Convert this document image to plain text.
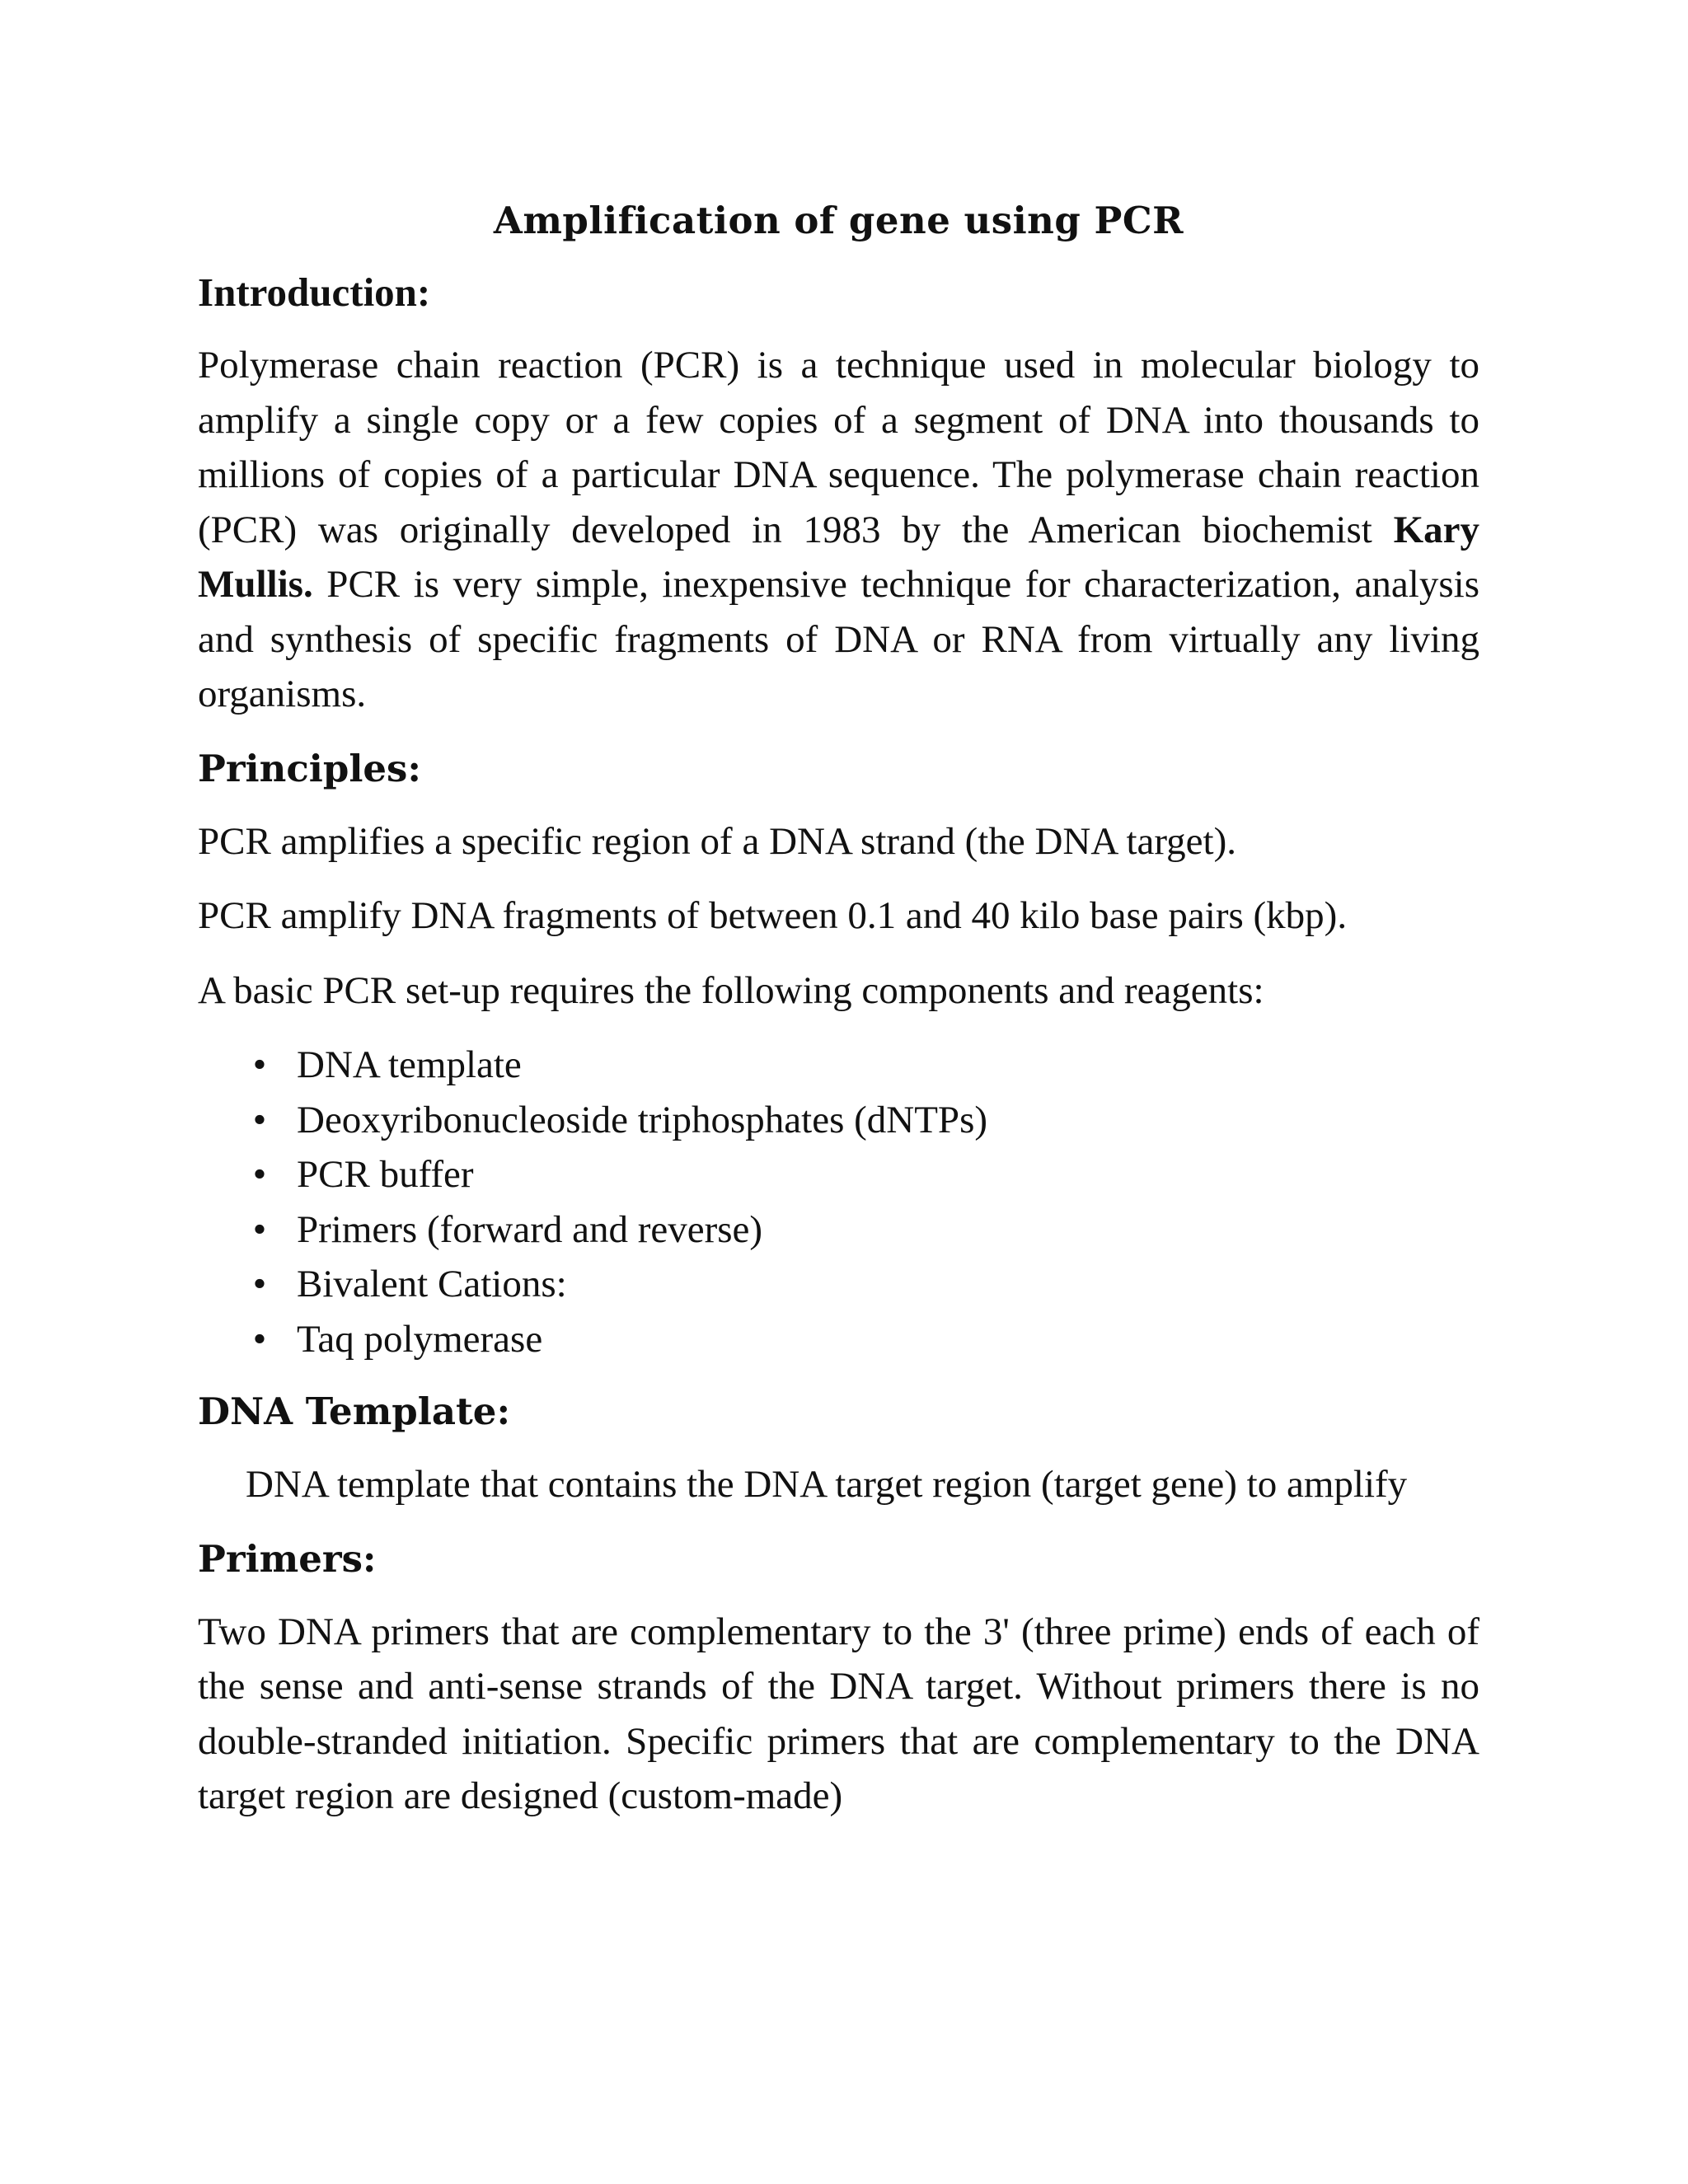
Amplification of gene using PCR
Introduction:

Polymerase chain reaction (PCR) is a technique used in molecular biology to amplify a single copy or a few copies of a segment of DNA into thousands to millions of copies of a particular DNA sequence. The polymerase chain reaction (PCR) was originally developed in 1983 by the American biochemist Kary Mullis. PCR is very simple, inexpensive technique for characterization, analysis and synthesis of specific fragments of DNA or RNA from virtually any living organisms.

Principles:

PCR amplifies a specific region of a DNA strand (the DNA target).

PCR amplify DNA fragments of between 0.1 and 40 kilo base pairs (kbp).

A basic PCR set-up requires the following components and reagents:

• DNA template
• Deoxyribonucleoside triphosphates (dNTPs)
• PCR buffer
• Primers (forward and reverse)
• Bivalent Cations:
• Taq polymerase
DNA Template:

DNA template that contains the DNA target region (target gene) to amplify

Primers:

Two DNA primers that are complementary to the 3' (three prime) ends of each of the sense and anti-sense strands of the DNA target. Without primers there is no double-stranded initiation. Specific primers that are complementary to the DNA target region are designed (custom-made)
